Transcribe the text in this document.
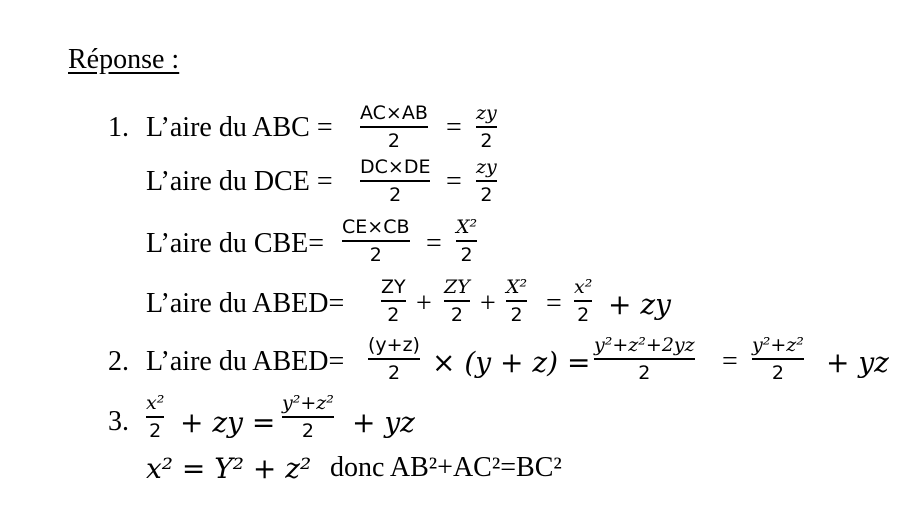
Réponse :
1. L’aire du ABC = AC×AB
2 = zy
2
L’aire du DCE = DC×DE
2 = zy
2
L’aire du CBE=
CE×CB
2 =
X²
2
L’aire du ABED=
ZY
2 +
ZY
2 +
X²
2 =
x²
2 + zy
2. L’aire du ABED=
(y+z)
2 × (y + z) =
y²+z²+2yz
2	=
y²+z²
2 + yz
3.
x²
2 + zy =
y²+z²
2 + yz
x² = Y² + z² donc AB²+AC²=BC²
